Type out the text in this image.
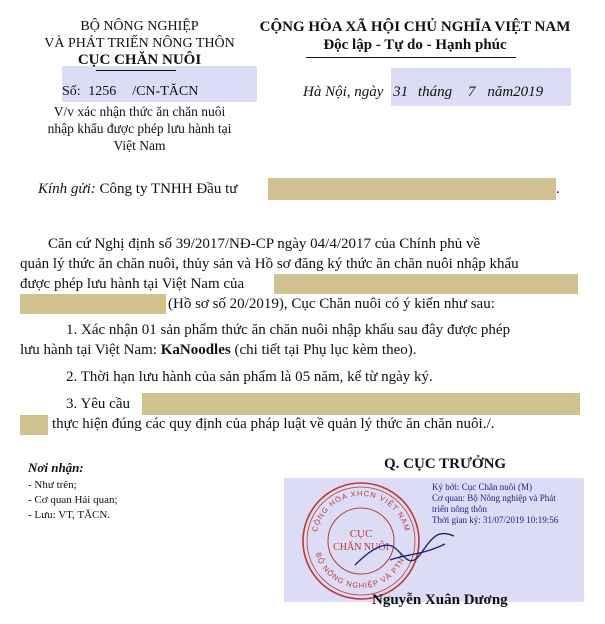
BỘ NÔNG NGHIỆP
VÀ PHÁT TRIỂN NÔNG THÔN
CỤC CHĂN NUÔI
CỘNG HÒA XÃ HỘI CHỦ NGHĨA VIỆT NAM
Độc lập - Tự do - Hạnh phúc
Số: 1256 /CN-TĂCN
V/v xác nhận thức ăn chăn nuôi
nhập khẩu được phép lưu hành tại
Việt Nam
Hà Nội, ngày 31 tháng 7 năm2019
Kính gửi: Công ty TNHH Đầu tư	.
Căn cứ Nghị định số 39/2017/NĐ-CP ngày 04/4/2017 của Chính phủ về
quản lý thức ăn chăn nuôi, thủy sản và Hồ sơ đăng ký thức ăn chăn nuôi nhập khẩu
được phép lưu hành tại Việt Nam của
(Hồ sơ số 20/2019), Cục Chăn nuôi có ý kiến như sau:
1. Xác nhận 01 sản phẩm thức ăn chăn nuôi nhập khẩu sau đây được phép
lưu hành tại Việt Nam: KaNoodles (chi tiết tại Phụ lục kèm theo).
2. Thời hạn lưu hành của sản phẩm là 05 năm, kể từ ngày ký.
3. Yêu cầu
thực hiện đúng các quy định của pháp luật về quản lý thức ăn chăn nuôi./.
Nơi nhận:
- Như trên;
- Cơ quan Hải quan;
- Lưu: VT, TĂCN.
Q. CỤC TRƯỞNG
Ký bởi: Cục Chăn nuôi (M)
Cơ quan: Bộ Nông nghiệp và Phát
triển nông thôn
Thời gian ký: 31/07/2019 10:19:56
CỘNG HÒA XHCN VIỆT NAM
BỘ NÔNG NGHIỆP VÀ PTNT
CỤC
CHĂN NUÔI
Nguyễn Xuân Dương
